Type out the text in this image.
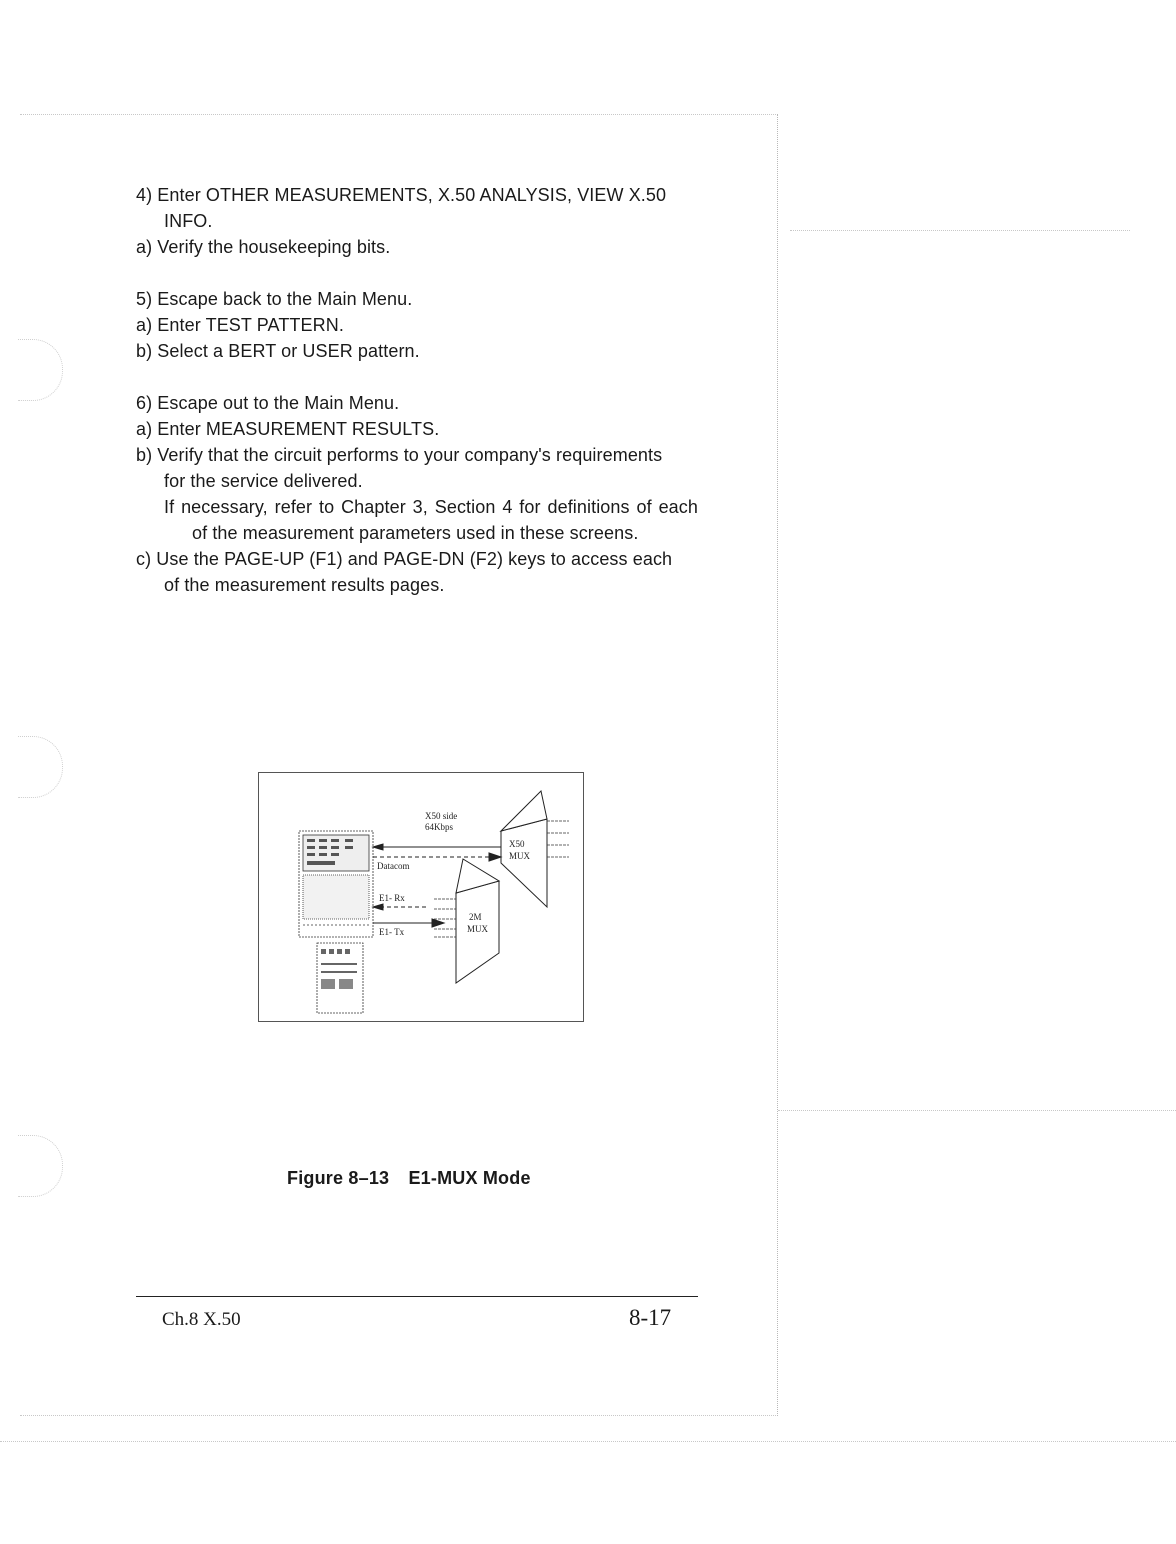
4) Enter OTHER MEASUREMENTS, X.50 ANALYSIS, VIEW X.50

INFO.

a) Verify the housekeeping bits.

5) Escape back to the Main Menu.

a) Enter TEST PATTERN.

b) Select a BERT or USER pattern.

6) Escape out to the Main Menu.

a) Enter MEASUREMENT RESULTS.

b) Verify that the circuit performs to your company's requirements

for the service delivered.

If necessary, refer to Chapter 3, Section 4 for definitions of each of the measurement parameters used in these screens.

c) Use the PAGE-UP (F1) and PAGE-DN (F2) keys to access each

of the measurement results pages.

X50 side
64Kbps
Datacom
E1- Rx
E1- Tx
X50
MUX
2M
MUX
Figure 8–13 E1-MUX Mode
Ch.8 X.50	8-17
